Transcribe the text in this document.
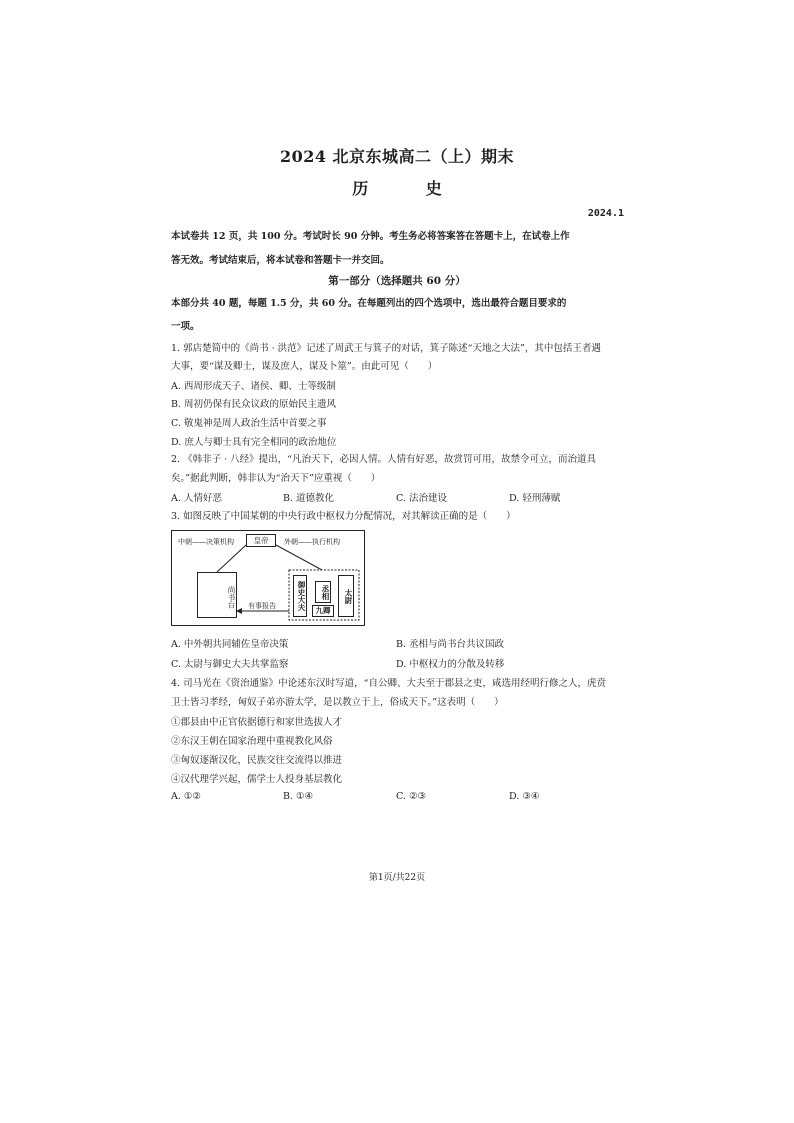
2024 北京东城高二（上）期末
历 史
2024.1
本试卷共 12 页，共 100 分。考试时长 90 分钟。考生务必将答案答在答题卡上，在试卷上作
答无效。考试结束后，将本试卷和答题卡一并交回。
第一部分（选择题共 60 分）
本部分共 40 题，每题 1.5 分，共 60 分。在每题列出的四个选项中，选出最符合题目要求的
一项。
1. 郭店楚简中的《尚书 · 洪范》记述了周武王与箕子的对话，箕子陈述“天地之大法”，其中包括王者遇
大事，要“谋及卿士，谋及庶人，谋及卜筮”。由此可见（　　）
A. 西周形成天子、诸侯、卿、士等级制
B. 周初仍保有民众议政的原始民主遗风
C. 敬鬼神是周人政治生活中首要之事
D. 庶人与卿士具有完全相同的政治地位
2. 《韩非子 · 八经》提出，“凡治天下，必因人情。人情有好恶，故赏罚可用，故禁令可立，而治道具
矣。”据此判断，韩非认为“治天下”应重视（　　）
A. 人情好恶	B. 道德教化	C. 法治建设	D. 轻刑薄赋
3. 如图反映了中国某朝的中央行政中枢权力分配情况，对其解读正确的是（　　）
中朝——决策机构	皇帝	外朝——执行机构
尚书台 有事报告	御史大夫	丞相
九卿
太尉
A. 中外朝共同辅佐皇帝决策	B. 丞相与尚书台共议国政
C. 太尉与御史大夫共掌监察	D. 中枢权力的分散及转移
4. 司马光在《资治通鉴》中论述东汉时写道，“自公卿、大夫至于郡县之吏，咸选用经明行修之人，虎贲
卫士皆习孝经，匈奴子弟亦游太学，是以教立于上，俗成天下。”这表明（　　）
①郡县由中正官依据德行和家世选拔人才
②东汉王朝在国家治理中重视教化风俗
③匈奴逐渐汉化，民族交往交流得以推进
④汉代理学兴起，儒学士人投身基层教化
A. ①②	B. ①④	C. ②③	D. ③④
第1页/共22页
